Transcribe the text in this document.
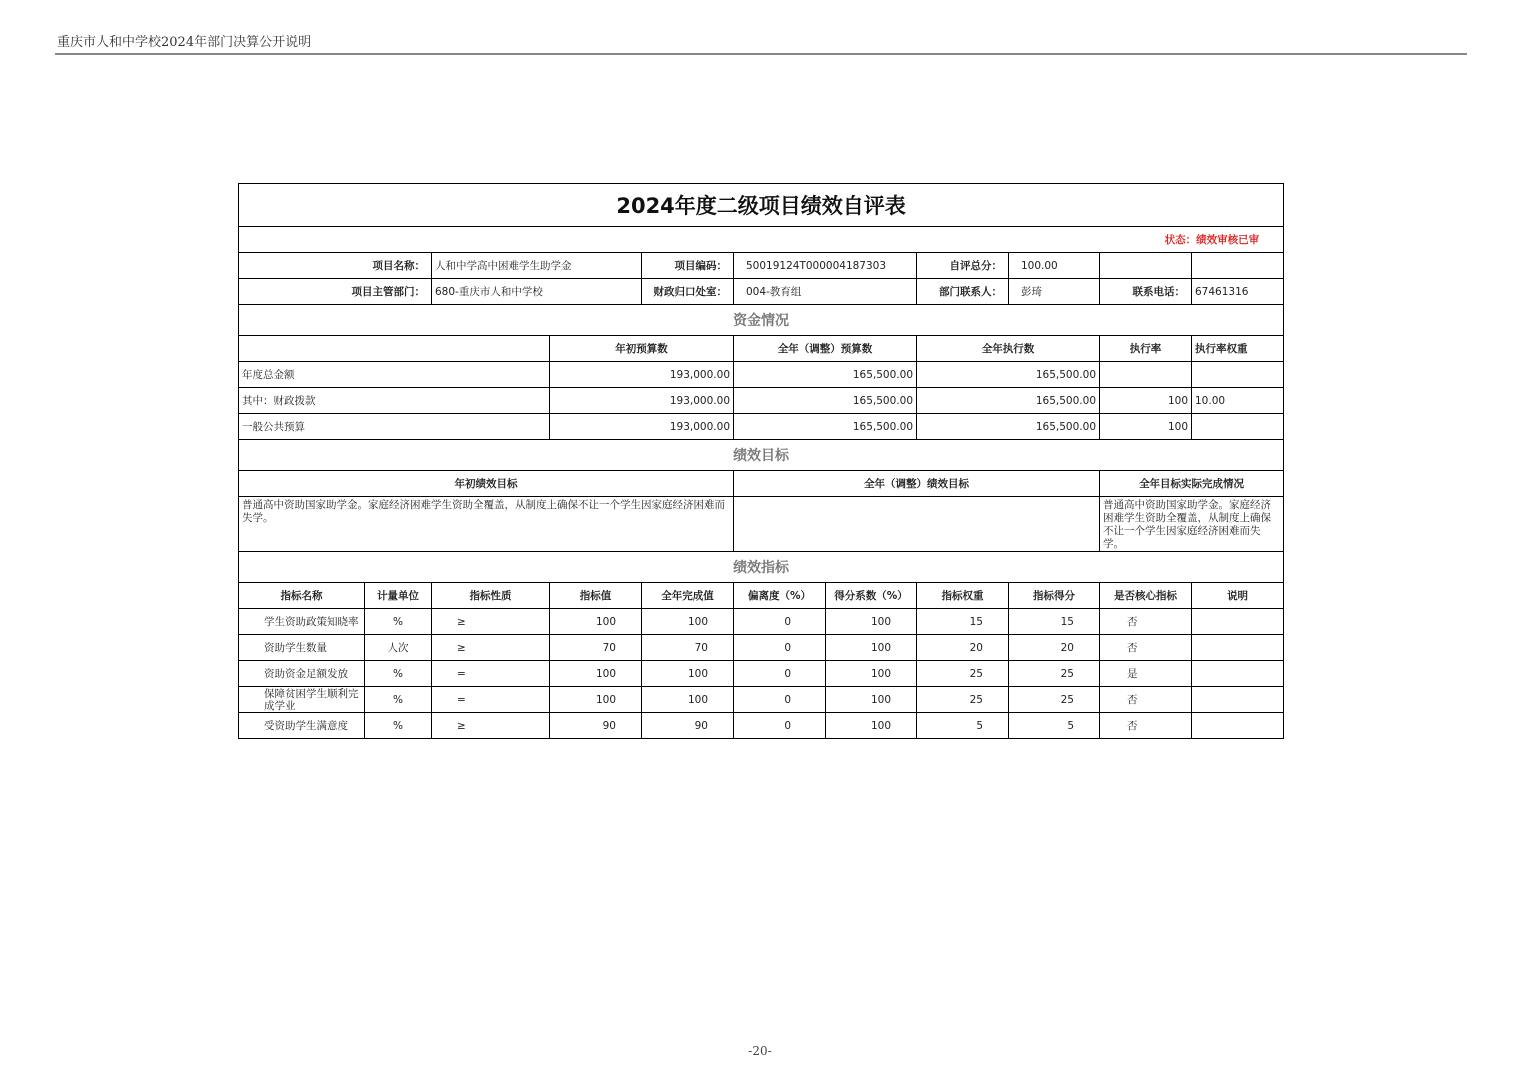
重庆市人和中学校2024年部门决算公开说明
2024年度二级项目绩效自评表											
状态：绩效审核已审											
项目名称：		人和中学高中困难学生助学金		项目编码：	50019124T000004187303		自评总分：	100.00			
项目主管部门：		680-重庆市人和中学校		财政归口处室：	004-教育组		部门联系人：	彭琦	联系电话：	67461316	
资金情况											
			年初预算数		全年（调整）预算数		全年执行数		执行率	执行率权重	
年度总金额			193,000.00		165,500.00		165,500.00				
其中：财政拨款			193,000.00		165,500.00		165,500.00		100	10.00	
一般公共预算			193,000.00		165,500.00		165,500.00		100		
绩效目标											
年初绩效目标					全年（调整）绩效目标				全年目标实际完成情况		
普通高中资助国家助学金。家庭经济困难学生资助全覆盖，从制度上确保不让一个学生因家庭经济困难而失学。									普通高中资助国家助学金。家庭经济困难学生资助全覆盖，从制度上确保不让一个学生因家庭经济困难而失学。		
绩效指标											
指标名称	计量单位	指标性质	指标值	全年完成值	偏离度（%）	得分系数（%）	指标权重	指标得分	是否核心指标	说明	
学生资助政策知晓率	%	≥	100	100	0	100	15	15	否		
资助学生数量	人次	≥	70	70	0	100	20	20	否		
资助资金足额发放	%	=	100	100	0	100	25	25	是		
保障贫困学生顺利完成学业	%	=	100	100	0	100	25	25	否		
受资助学生满意度	%	≥	90	90	0	100	5	5	否		
-20-
